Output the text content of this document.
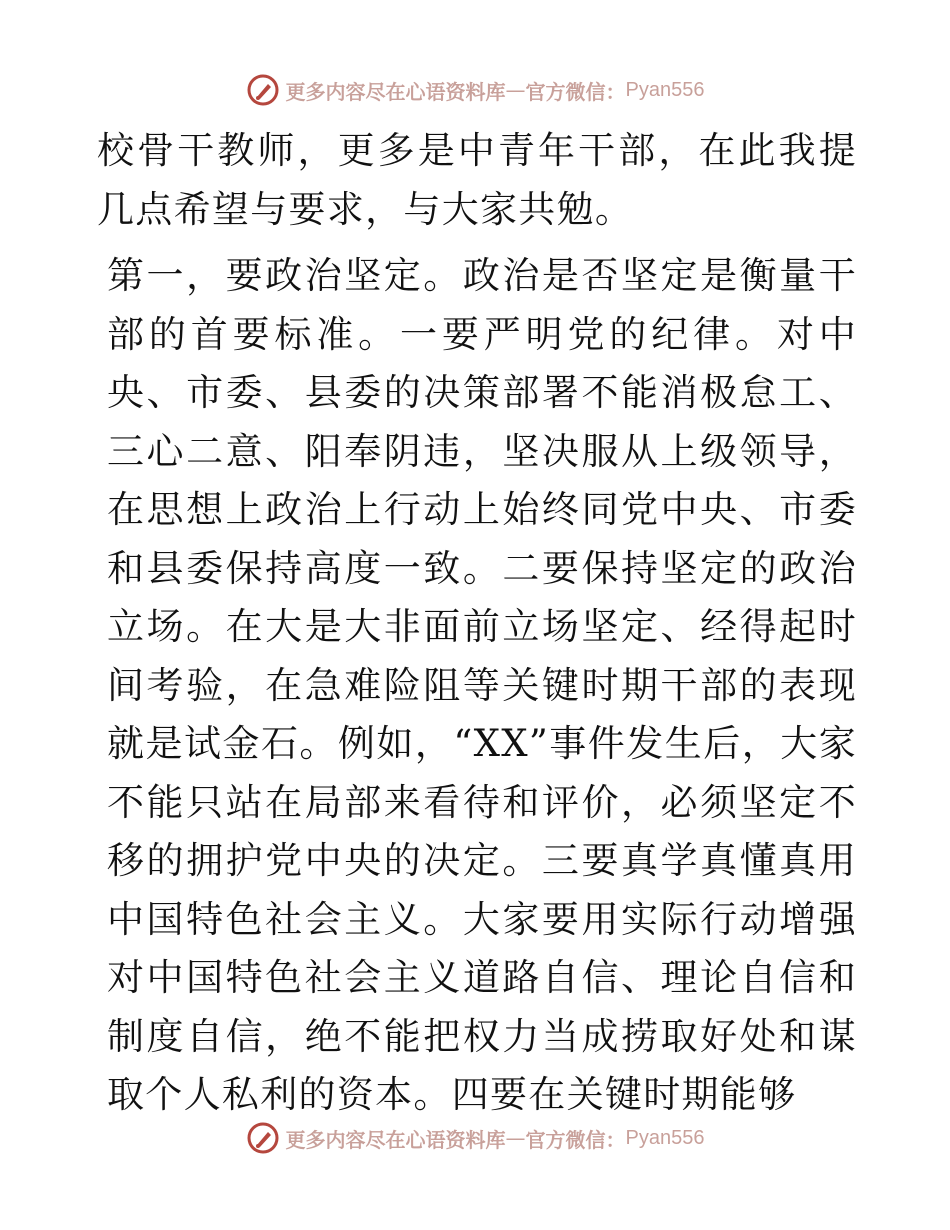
更多内容尽在心语资料库 — 官方微信： Pyan556

校骨干教师，更多是中青年干部，在此我提几点希望与要求，与大家共勉。

第一，要政治坚定。政治是否坚定是衡量干部的首要标准。一要严明党的纪律。对中央、市委、县委的决策部署不能消极怠工、三心二意、阳奉阴违，坚决服从上级领导，在思想上政治上行动上始终同党中央、市委和县委保持高度一致。二要保持坚定的政治立场。在大是大非面前立场坚定、经得起时间考验，在急难险阻等关键时期干部的表现就是试金石。例如，“XX”事件发生后，大家不能只站在局部来看待和评价，必须坚定不移的拥护党中央的决定。三要真学真懂真用中国特色社会主义。大家要用实际行动增强对中国特色社会主义道路自信、理论自信和制度自信，绝不能把权力当成捞取好处和谋取个人私利的资本。四要在关键时期能够

更多内容尽在心语资料库 — 官方微信： Pyan556
